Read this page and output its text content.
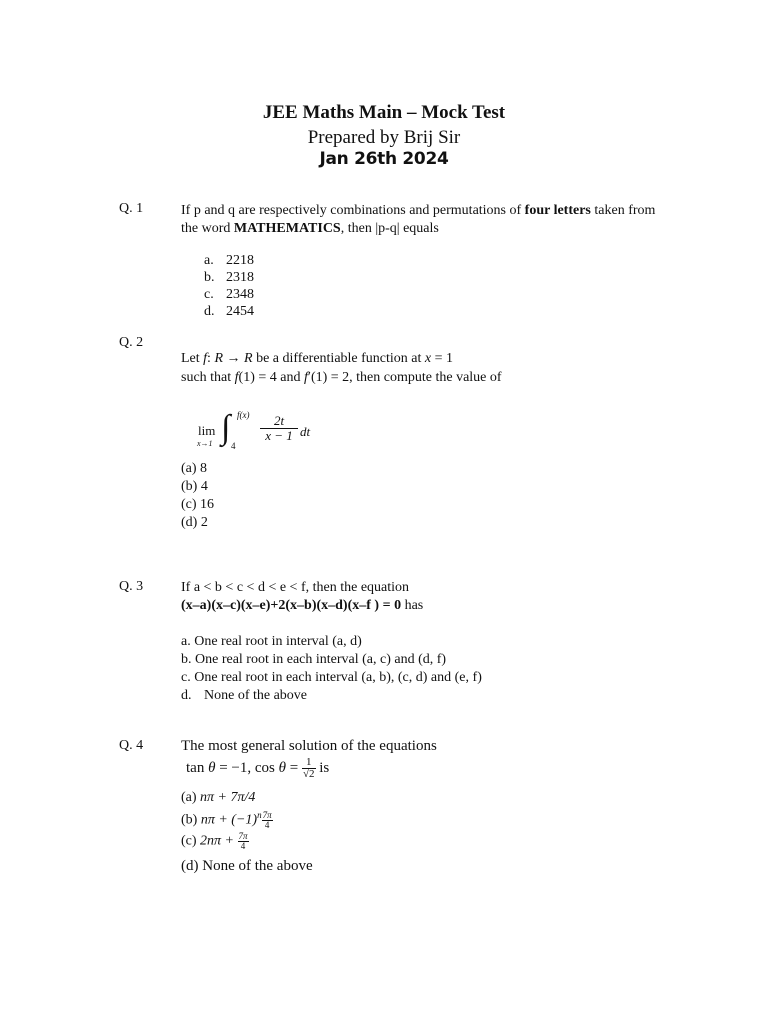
JEE Maths Main – Mock Test
Prepared by Brij Sir
Jan 26th 2024
Q. 1	If p and q are respectively combinations and permutations of four letters taken from
the word MATHEMATICS, then |p-q| equals
a. 2218
b. 2318
c. 2348
d. 2454
Q. 2
Let f: R → R be a differentiable function at x = 1
such that f(1) = 4 and f′(1) = 2, then compute the value of
lim
x→1 ∫ f(x)
4
$\frac{2t}{x - 1}$ dt
(a) 8
(b) 4
(c) 16
(d) 2
Q. 3	If a < b < c < d < e < f, then the equation
(x–a)(x–c)(x–e)+2(x–b)(x–d)(x–f ) = 0 has
a. One real root in interval (a, d)
b. One real root in each interval (a, c) and (d, f)
c. One real root in each interval (a, b), (c, d) and (e, f)
d. None of the above
Q. 4	The most general solution of the equations
tan θ = −1, $\cos \theta = \frac{1}{√2}$ is
(a) nπ + 7π/4
(b) $n\pi + (-1)^n \frac{7\pi}{4}$
(c) $2n\pi + \frac{7\pi}{4}$
(d) None of the above
